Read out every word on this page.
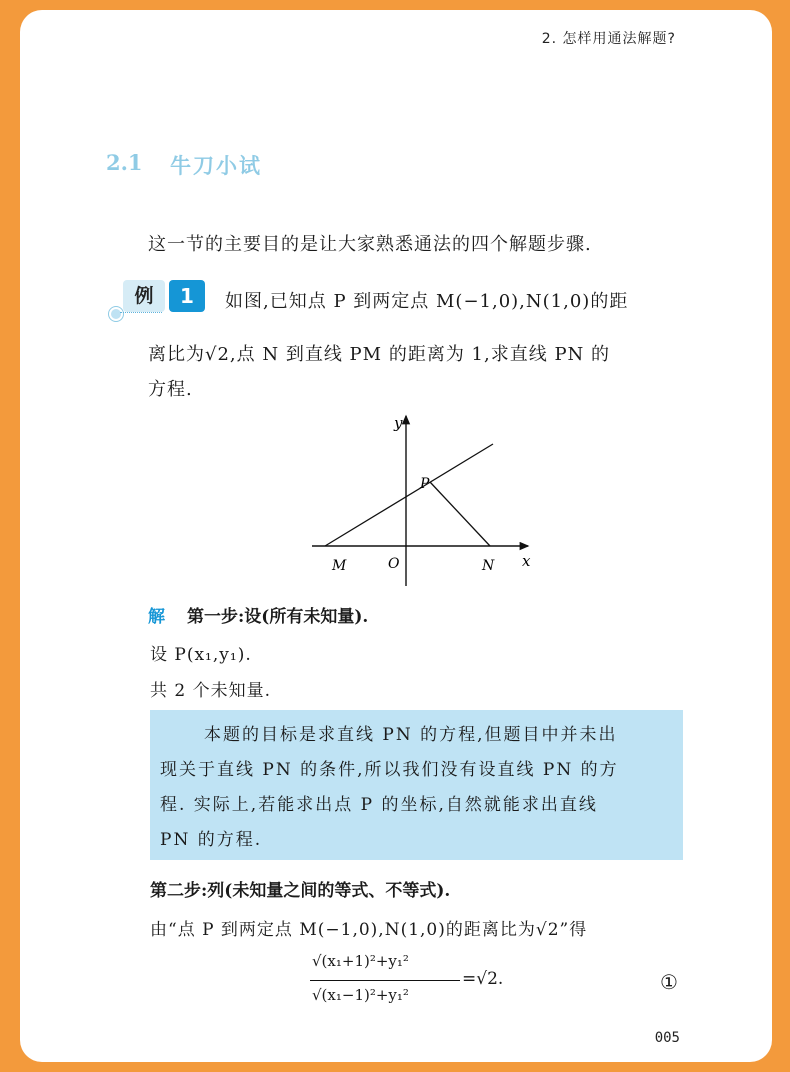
2. 怎样用通法解题?
2.1 牛刀小试
这一节的主要目的是让大家熟悉通法的四个解题步骤.
例	1	如图,已知点 P 到两定点 M(−1,0),N(1,0)的距
离比为√2,点 N 到直线 PM 的距离为 1,求直线 PN 的
方程.
y
x
P
M	O	N
解 第一步:设(所有未知量).
设 P(x₁,y₁).
共 2 个未知量.
本题的目标是求直线 PN 的方程,但题目中并未出
现关于直线 PN 的条件,所以我们没有设直线 PN 的方
程. 实际上,若能求出点 P 的坐标,自然就能求出直线
PN 的方程.
第二步:列(未知量之间的等式、不等式).
由“点 P 到两定点 M(−1,0),N(1,0)的距离比为√2”得
√(x₁+1)²+y₁²
√(x₁−1)²+y₁²
=√2.	①
005
